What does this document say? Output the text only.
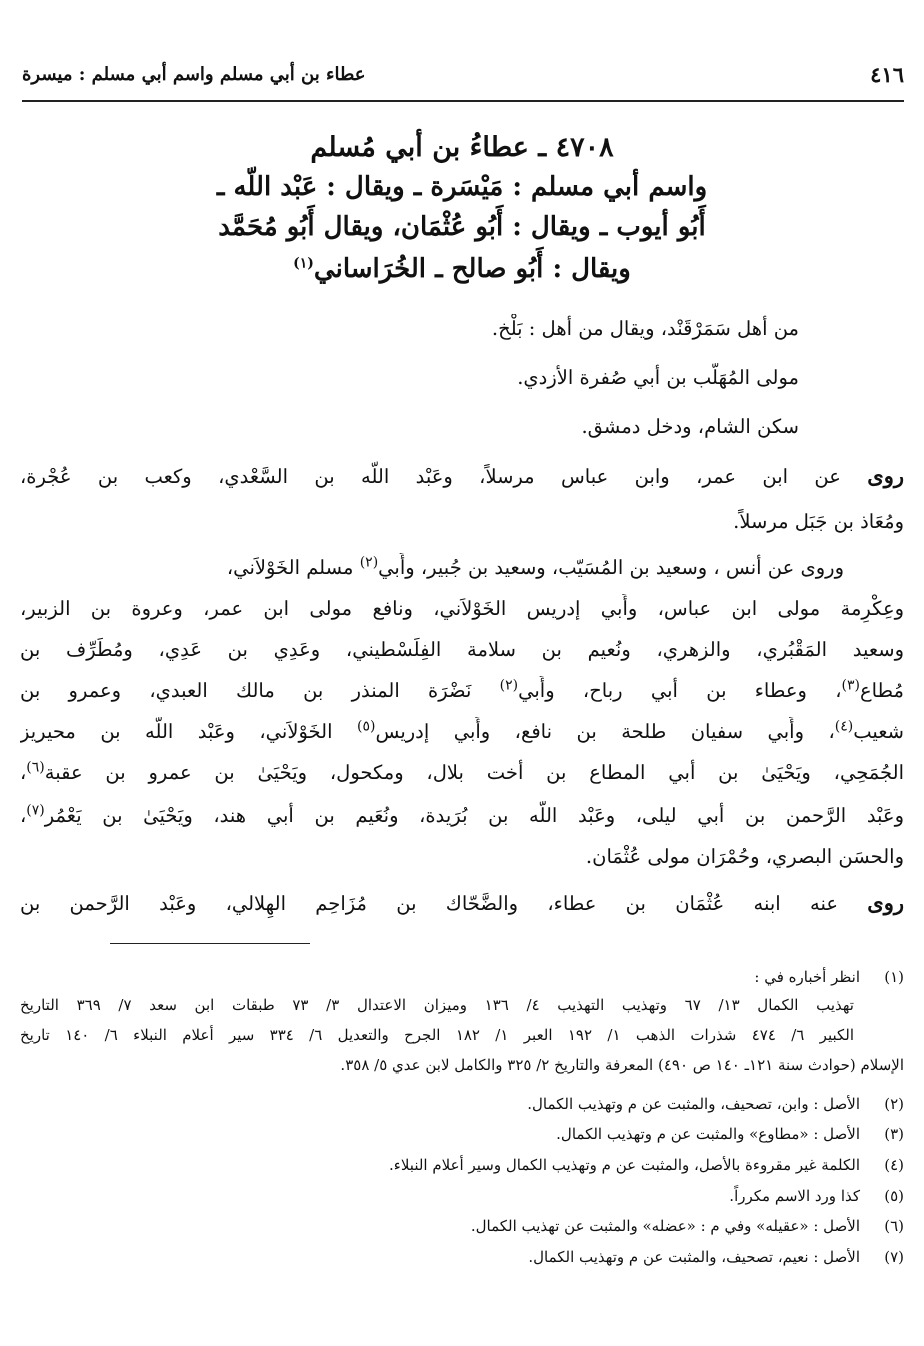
٤١٦
عطاء بن أبي مسلم واسم أبي مسلم : ميسرة
٤٧٠٨ ـ عطاءُ بن أبي مُسلم
واسم أبي مسلم : مَيْسَرة ـ ويقال : عَبْد اللّه ـ
أَبُو أيوب ـ ويقال : أَبُو عُثْمَان، ويقال أَبُو مُحَمَّد
ويقال : أَبُو صالح ـ الخُرَاساني$^{(١)}$
من أهل سَمَرْقَنْد، ويقال من أهل : بَلْخ.
مولى المُهَلَّب بن أبي صُفرة الأزدي.
سكن الشام، ودخل دمشق.
روى عن ابن عمر، وابن عباس مرسلاً، وعَبْد اللّه بن السَّعْدي، وكعب بن عُجْرة،
ومُعَاذ بن جَبَل مرسلاً.
وروى عن أنس ، وسعيد بن المُسَيّب، وسعيد بن جُبير، وأَبي$^{(٢)}$ مسلم الخَوْلاَني،
وعِكْرِمة مولى ابن عباس، وأَبي إدريس الخَوْلاَني، ونافع مولى ابن عمر، وعروة بن الزبير،
وسعيد المَقْبُري، والزهري، ونُعيم بن سلامة الفِلَسْطيني، وعَدِي بن عَدِي، ومُطَرِّف بن
مُطاع$^{(٣)}$، وعطاء بن أبي رباح، وأَبي$^{(٢)}$ نَضْرَة المنذر بن مالك العبدي، وعمرو بن
شعيب$^{(٤)}$، وأَبي سفيان طلحة بن نافع، وأَبي إدريس$^{(٥)}$ الخَوْلاَني، وعَبْد اللّه بن محيريز
الجُمَحِي، ويَحْيَىٰ بن أبي المطاع بن أخت بلال، ومكحول، ويَحْيَىٰ بن عمرو بن عقبة$^{(٦)}$،
وعَبْد الرَّحمن بن أبي ليلى، وعَبْد اللّه بن بُرَيدة، ونُعَيم بن أبي هند، ويَحْيَىٰ بن يَعْمُر$^{(٧)}$،
والحسَن البصري، وحُمْرَان مولى عُثْمَان.
روى عنه ابنه عُثْمَان بن عطاء، والضَّحّاك بن مُزَاحِم الهِلالي، وعَبْد الرَّحمن بن
(١)انظر أخباره في :
تهذيب الكمال ١٣/ ٦٧ وتهذيب التهذيب ٤/ ١٣٦ وميزان الاعتدال ٣/ ٧٣ طبقات ابن سعد ٧/ ٣٦٩ التاريخ
الكبير ٦/ ٤٧٤ شذرات الذهب ١/ ١٩٢ العبر ١/ ١٨٢ الجرح والتعديل ٦/ ٣٣٤ سير أعلام النبلاء ٦/ ١٤٠ تاريخ
الإسلام (حوادث سنة ١٢١ـ ١٤٠ ص ٤٩٠) المعرفة والتاريخ ٢/ ٣٢٥ والكامل لابن عدي ٥/ ٣٥٨.
(٢)الأصل : وابن، تصحيف، والمثبت عن م وتهذيب الكمال.
(٣)الأصل : «مطاوع» والمثبت عن م وتهذيب الكمال.
(٤)الكلمة غير مقروءة بالأصل، والمثبت عن م وتهذيب الكمال وسير أعلام النبلاء.
(٥)كذا ورد الاسم مكرراً.
(٦)الأصل : «عقيله» وفي م : «عضله» والمثبت عن تهذيب الكمال.
(٧)الأصل : نعيم، تصحيف، والمثبت عن م وتهذيب الكمال.
